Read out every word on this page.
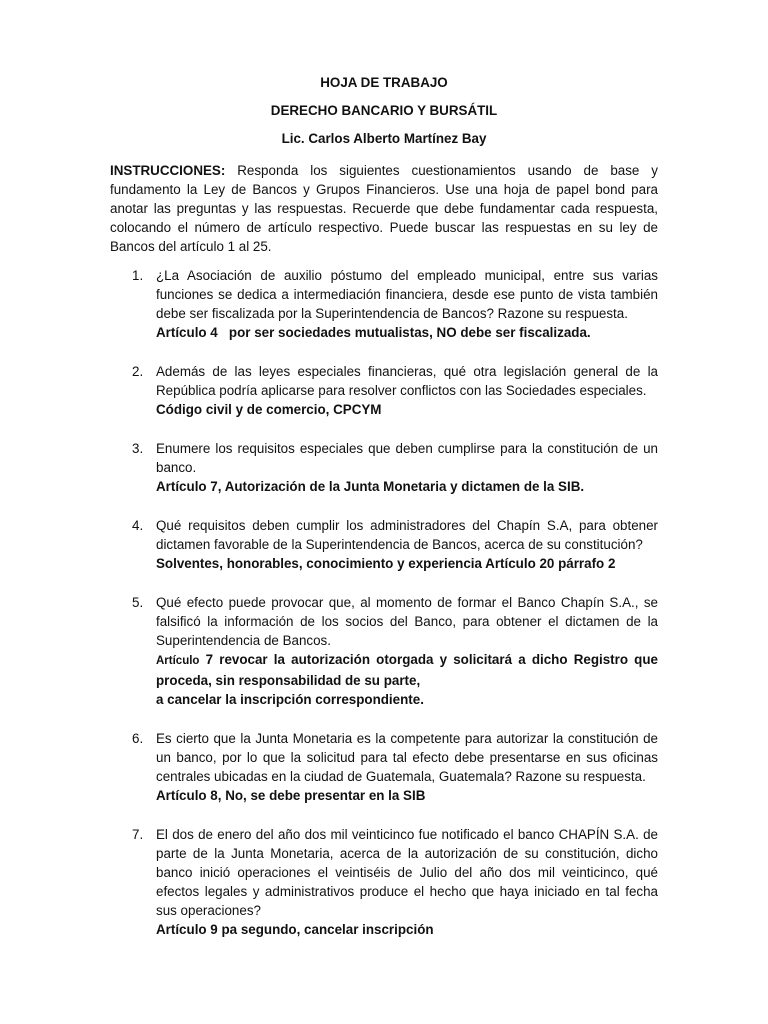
HOJA DE TRABAJO
DERECHO BANCARIO Y BURSÁTIL
Lic. Carlos Alberto Martínez Bay

INSTRUCCIONES: Responda los siguientes cuestionamientos usando de base y fundamento la Ley de Bancos y Grupos Financieros. Use una hoja de papel bond para anotar las preguntas y las respuestas. Recuerde que debe fundamentar cada respuesta, colocando el número de artículo respectivo. Puede buscar las respuestas en su ley de Bancos del artículo 1 al 25.

1. ¿La Asociación de auxilio póstumo del empleado municipal, entre sus varias funciones se dedica a intermediación financiera, desde ese punto de vista también debe ser fiscalizada por la Superintendencia de Bancos? Razone su respuesta.
Artículo 4   por ser sociedades mutualistas, NO debe ser fiscalizada.
2. Además de las leyes especiales financieras, qué otra legislación general de la República podría aplicarse para resolver conflictos con las Sociedades especiales.
Código civil y de comercio, CPCYM
3. Enumere los requisitos especiales que deben cumplirse para la constitución de un banco.
Artículo 7, Autorización de la Junta Monetaria y dictamen de la SIB.
4. Qué requisitos deben cumplir los administradores del Chapín S.A, para obtener dictamen favorable de la Superintendencia de Bancos, acerca de su constitución?
Solventes, honorables, conocimiento y experiencia Artículo 20 párrafo 2
5. Qué efecto puede provocar que, al momento de formar el Banco Chapín S.A., se falsificó la información de los socios del Banco, para obtener el dictamen de la Superintendencia de Bancos.
Artículo 7 revocar la autorización otorgada y solicitará a dicho Registro que proceda, sin responsabilidad de su parte,
a cancelar la inscripción correspondiente.
6. Es cierto que la Junta Monetaria es la competente para autorizar la constitución de un banco, por lo que la solicitud para tal efecto debe presentarse en sus oficinas centrales ubicadas en la ciudad de Guatemala, Guatemala? Razone su respuesta.
Artículo 8, No, se debe presentar en la SIB
7. El dos de enero del año dos mil veinticinco fue notificado el banco CHAPÍN S.A. de parte de la Junta Monetaria, acerca de la autorización de su constitución, dicho banco inició operaciones el veintiséis de Julio del año dos mil veinticinco, qué efectos legales y administrativos produce el hecho que haya iniciado en tal fecha sus operaciones?
Artículo 9 pa segundo, cancelar inscripción
